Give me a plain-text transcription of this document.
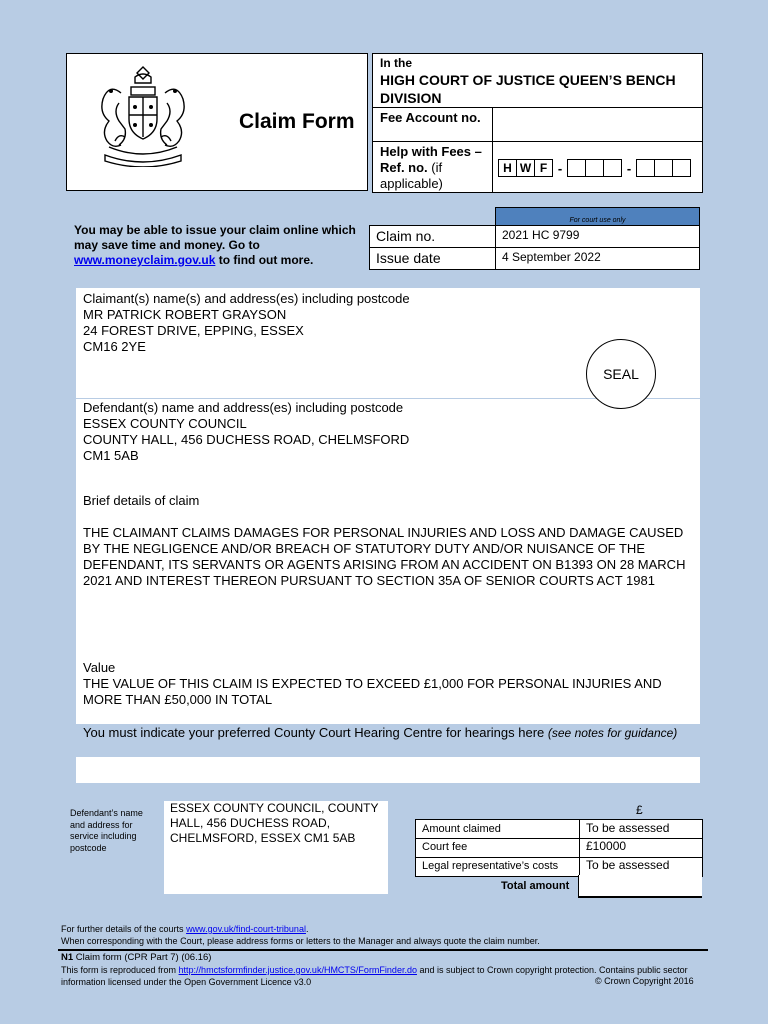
Claim Form
In the
HIGH COURT OF JUSTICE QUEEN’S BENCH DIVISION
Fee Account no.
Help with Fees – Ref. no. (if applicable)
H W F -	-
You may be able to issue your claim online which may save time and money. Go to www.moneyclaim.gov.uk to find out more.
For court use only
Claim no.	2021 HC 9799
Issue date	4 September 2022
Claimant(s) name(s) and address(es) including postcode
MR PATRICK ROBERT GRAYSON
24 FOREST DRIVE, EPPING, ESSEX
CM16 2YE
SEAL
Defendant(s) name and address(es) including postcode
ESSEX COUNTY COUNCIL
COUNTY HALL, 456 DUCHESS ROAD, CHELMSFORD
CM1 5AB
Brief details of claim
THE CLAIMANT CLAIMS DAMAGES FOR PERSONAL INJURIES AND LOSS AND DAMAGE CAUSED BY THE NEGLIGENCE AND/OR BREACH OF STATUTORY DUTY AND/OR NUISANCE OF THE DEFENDANT, ITS SERVANTS OR AGENTS ARISING FROM AN ACCIDENT ON B1393 ON 28 MARCH 2021 AND INTEREST THEREON PURSUANT TO SECTION 35A OF SENIOR COURTS ACT 1981
Value
THE VALUE OF THIS CLAIM IS EXPECTED TO EXCEED £1,000 FOR PERSONAL INJURIES AND MORE THAN £50,000 IN TOTAL
You must indicate your preferred County Court Hearing Centre for hearings here (see notes for guidance)
Defendant’s name and address for service including postcode
ESSEX COUNTY COUNCIL, COUNTY HALL, 456 DUCHESS ROAD, CHELMSFORD, ESSEX CM1 5AB
£
Amount claimed	To be assessed
Court fee	£10000
Legal representative’s costs To be assessed
Total amount
For further details of the courts www.gov.uk/find-court-tribunal.
When corresponding with the Court, please address forms or letters to the Manager and always quote the claim number.
N1 Claim form (CPR Part 7) (06.16)
This form is reproduced from http://hmctsformfinder.justice.gov.uk/HMCTS/FormFinder.do and is subject to Crown copyright protection. Contains public sector information licensed under the Open Government Licence v3.0	© Crown Copyright 2016
